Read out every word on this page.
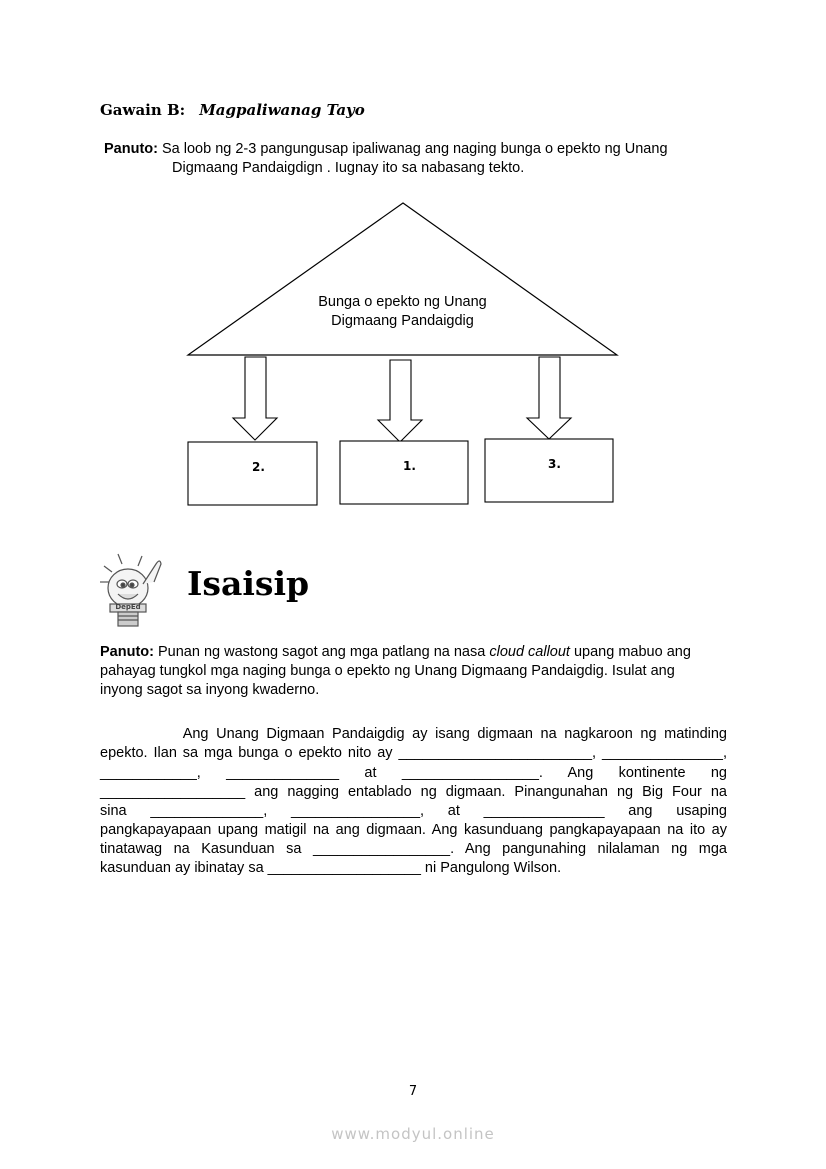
Gawain B: Magpaliwanag Tayo
Panuto: Sa loob ng 2-3 pangungusap ipaliwanag ang naging bunga o epekto ng Unang
Digmaang Pandaigdign . Iugnay ito sa nabasang tekto.
Bunga o epekto ng Unang
Digmaang Pandaigdig
2.	1.	3.
DepEd
Isaisip
Panuto: Punan ng wastong sagot ang mga patlang na nasa cloud callout upang mabuo ang
pahayag tungkol mga naging bunga o epekto ng Unang Digmaang Pandaigdig. Isulat ang
inyong sagot sa inyong kwaderno.
Ang Unang Digmaan Pandaigdig ay isang digmaan na nagkaroon ng matinding
epekto. Ilan sa mga bunga o epekto nito ay ________________________, _______________,
____________,    ______________    at    _________________.    Ang    kontinente    ng
__________________ ang nagging entablado ng digmaan. Pinangunahan ng Big Four na
sina    ______________,    ________________,    at    _______________    ang    usaping
pangkapayapaan upang matigil na ang digmaan. Ang kasunduang pangkapayapaan na ito ay
tinatawag na Kasunduan sa _________________. Ang pangunahing nilalaman ng mga
kasunduan ay ibinatay sa ___________________ ni Pangulong Wilson.
7
www.modyul.online
